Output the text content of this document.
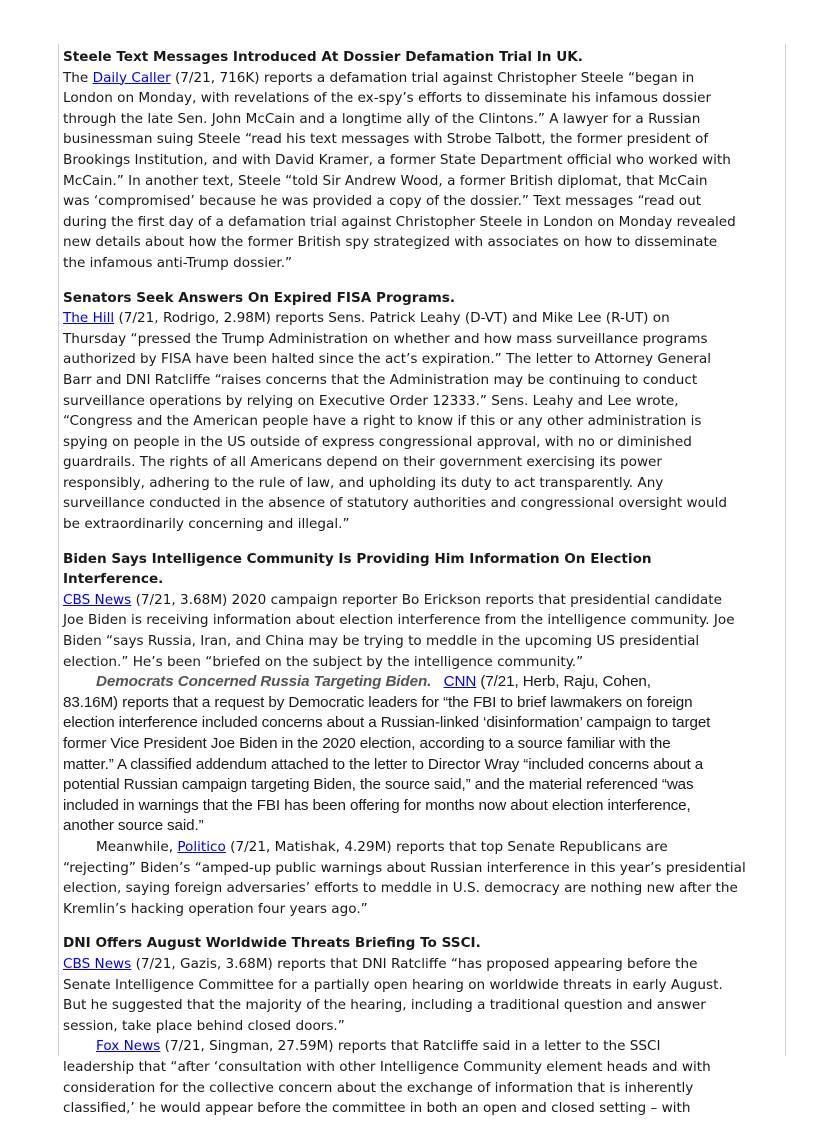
Steele Text Messages Introduced At Dossier Defamation Trial In UK.
The Daily Caller (7/21, 716K) reports a defamation trial against Christopher Steele “began in
London on Monday, with revelations of the ex-spy’s efforts to disseminate his infamous dossier
through the late Sen. John McCain and a longtime ally of the Clintons.” A lawyer for a Russian
businessman suing Steele “read his text messages with Strobe Talbott, the former president of
Brookings Institution, and with David Kramer, a former State Department official who worked with
McCain.” In another text, Steele “told Sir Andrew Wood, a former British diplomat, that McCain
was ‘compromised’ because he was provided a copy of the dossier.” Text messages “read out
during the first day of a defamation trial against Christopher Steele in London on Monday revealed
new details about how the former British spy strategized with associates on how to disseminate
the infamous anti-Trump dossier.”
Senators Seek Answers On Expired FISA Programs.
The Hill (7/21, Rodrigo, 2.98M) reports Sens. Patrick Leahy (D-VT) and Mike Lee (R-UT) on
Thursday “pressed the Trump Administration on whether and how mass surveillance programs
authorized by FISA have been halted since the act’s expiration.” The letter to Attorney General
Barr and DNI Ratcliffe “raises concerns that the Administration may be continuing to conduct
surveillance operations by relying on Executive Order 12333.” Sens. Leahy and Lee wrote,
“Congress and the American people have a right to know if this or any other administration is
spying on people in the US outside of express congressional approval, with no or diminished
guardrails. The rights of all Americans depend on their government exercising its power
responsibly, adhering to the rule of law, and upholding its duty to act transparently. Any
surveillance conducted in the absence of statutory authorities and congressional oversight would
be extraordinarily concerning and illegal.”
Biden Says Intelligence Community Is Providing Him Information On Election
Interference.
CBS News (7/21, 3.68M) 2020 campaign reporter Bo Erickson reports that presidential candidate
Joe Biden is receiving information about election interference from the intelligence community. Joe
Biden “says Russia, Iran, and China may be trying to meddle in the upcoming US presidential
election.” He’s been “briefed on the subject by the intelligence community.”
Democrats Concerned Russia Targeting Biden. CNN (7/21, Herb, Raju, Cohen,
83.16M) reports that a request by Democratic leaders for “the FBI to brief lawmakers on foreign
election interference included concerns about a Russian-linked ‘disinformation’ campaign to target
former Vice President Joe Biden in the 2020 election, according to a source familiar with the
matter.” A classified addendum attached to the letter to Director Wray “included concerns about a
potential Russian campaign targeting Biden, the source said,” and the material referenced “was
included in warnings that the FBI has been offering for months now about election interference,
another source said.”
Meanwhile, Politico (7/21, Matishak, 4.29M) reports that top Senate Republicans are
“rejecting” Biden’s “amped-up public warnings about Russian interference in this year’s presidential
election, saying foreign adversaries’ efforts to meddle in U.S. democracy are nothing new after the
Kremlin’s hacking operation four years ago.”
DNI Offers August Worldwide Threats Briefing To SSCI.
CBS News (7/21, Gazis, 3.68M) reports that DNI Ratcliffe “has proposed appearing before the
Senate Intelligence Committee for a partially open hearing on worldwide threats in early August.
But he suggested that the majority of the hearing, including a traditional question and answer
session, take place behind closed doors.”
Fox News (7/21, Singman, 27.59M) reports that Ratcliffe said in a letter to the SSCI
leadership that “after ‘consultation with other Intelligence Community element heads and with
consideration for the collective concern about the exchange of information that is inherently
classified,’ he would appear before the committee in both an open and closed setting – with
